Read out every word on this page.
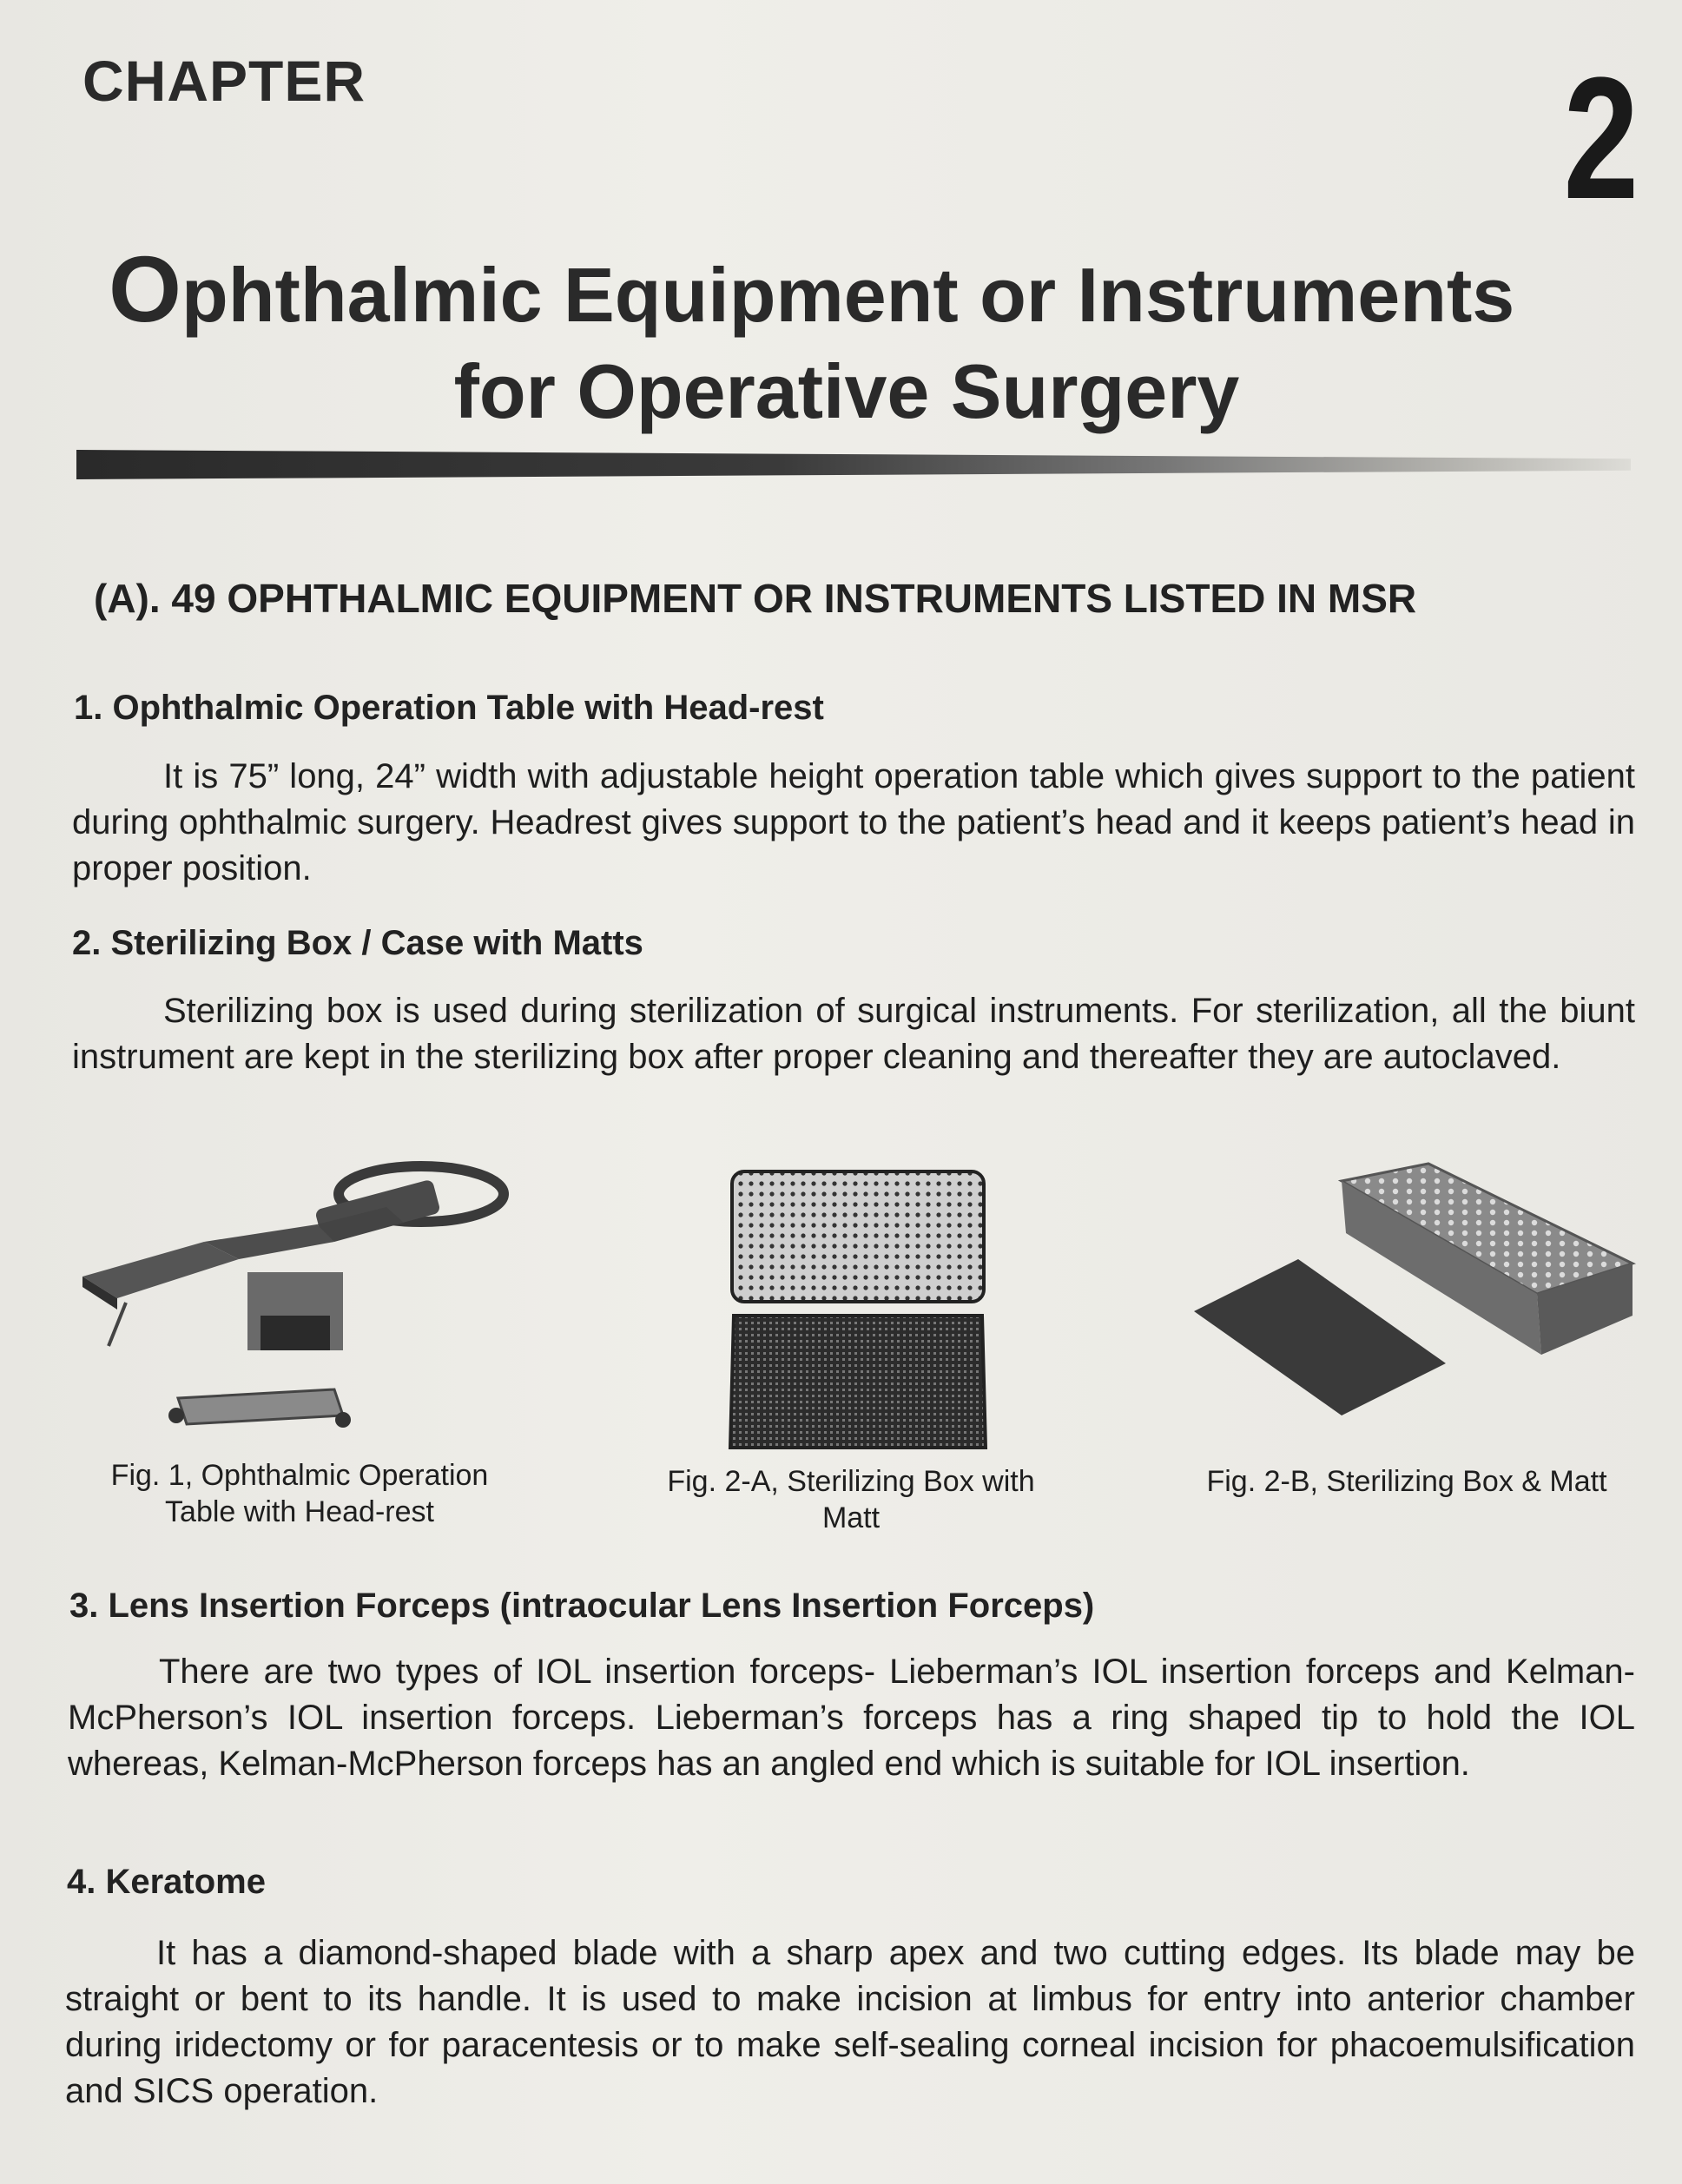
CHAPTER	2
Ophthalmic Equipment or Instruments
for Operative Surgery
(A). 49 OPHTHALMIC EQUIPMENT OR INSTRUMENTS LISTED IN MSR
1. Ophthalmic Operation Table with Head-rest
It is 75” long, 24” width with adjustable height operation table which gives support to the patient during ophthalmic surgery. Headrest gives support to the patient’s head and it keeps patient’s head in proper position.
2. Sterilizing Box / Case with Matts
Sterilizing box is used during sterilization of surgical instruments. For sterilization, all the biunt instrument are kept in the sterilizing box after proper cleaning and thereafter they are autoclaved.
Fig. 1, Ophthalmic Operation
Table with Head-rest
Fig. 2-A, Sterilizing Box with
Matt
Fig. 2-B, Sterilizing Box & Matt
3. Lens Insertion Forceps (intraocular Lens Insertion Forceps)
There are two types of IOL insertion forceps- Lieberman’s IOL insertion forceps and Kelman-McPherson’s IOL insertion forceps. Lieberman’s forceps has a ring shaped tip to hold the IOL whereas, Kelman-McPherson forceps has an angled end which is suitable for IOL insertion.
4. Keratome
It has a diamond-shaped blade with a sharp apex and two cutting edges. Its blade may be straight or bent to its handle. It is used to make incision at limbus for entry into anterior chamber during iridectomy or for paracentesis or to make self-sealing corneal incision for phacoemulsification and SICS operation.
